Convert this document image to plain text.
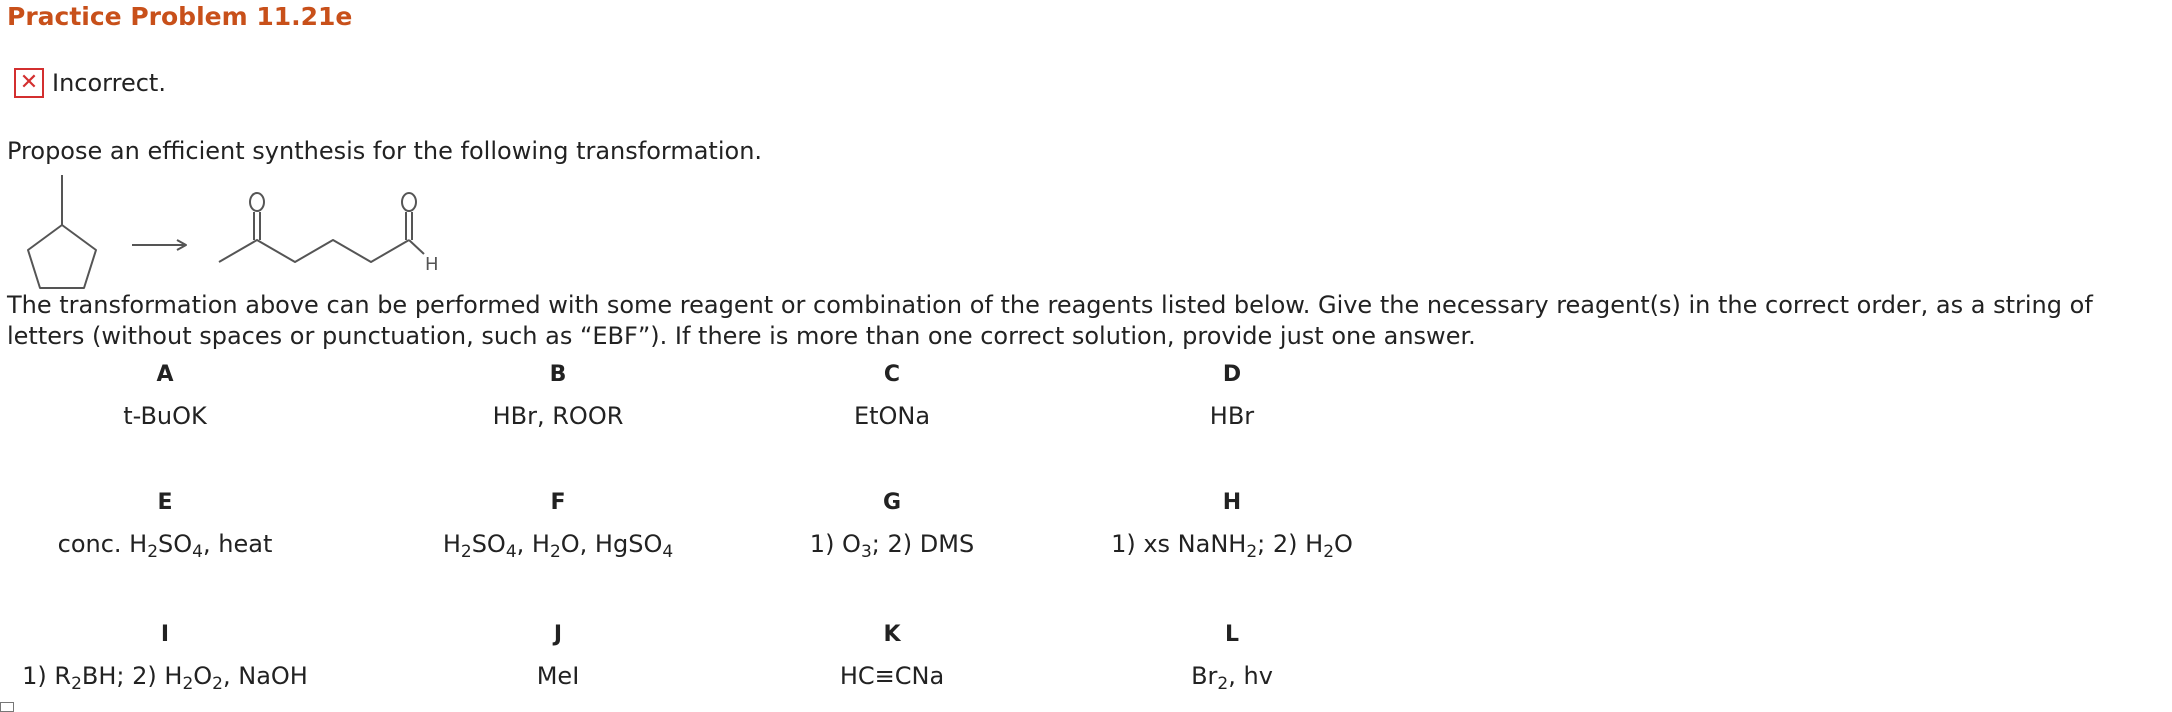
Practice Problem 11.21e
✕ Incorrect.
Propose an efficient synthesis for the following transformation.
H
The transformation above can be performed with some reagent or combination of the reagents listed below. Give the necessary reagent(s) in the correct order, as a string of letters (without spaces or punctuation, such as “EBF”). If there is more than one correct solution, provide just one answer.
A
t-BuOK
B
HBr, ROOR
C
EtONa
D
HBr
E
conc. $H_2SO_4$, heat
F
$H_2SO_4$, $H_2O$, HgSO$_4$
G
1) $O_3$; 2) DMS
H
1) xs NaNH$_2$; 2) $H_2O$
I
1) $R_2BH$; 2) $H_2O_2$, NaOH
J
MeI
K
HC≡CNa
L
$Br_2$, hv
